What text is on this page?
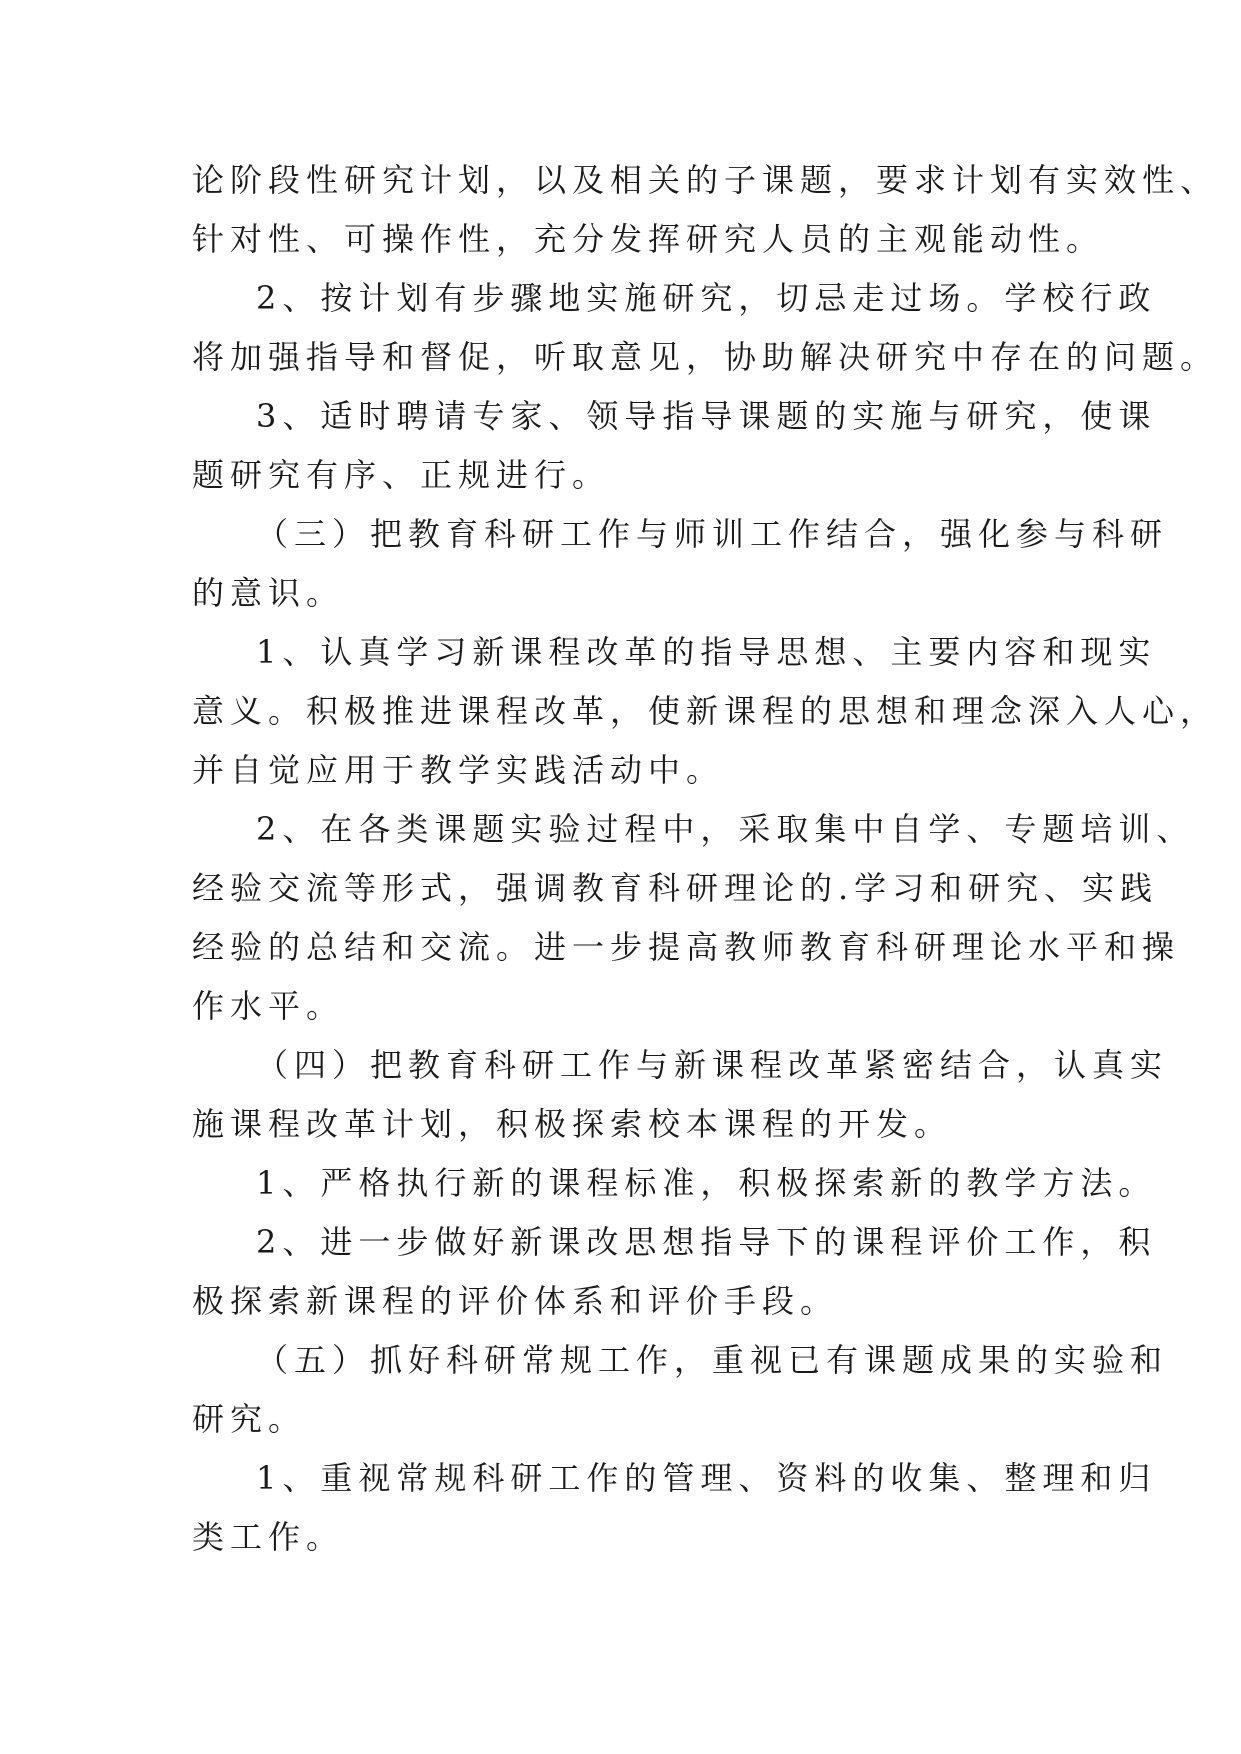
论阶段性研究计划，以及相关的子课题，要求计划有实效性、
针对性、可操作性，充分发挥研究人员的主观能动性。
2、按计划有步骤地实施研究，切忌走过场。学校行政
将加强指导和督促，听取意见，协助解决研究中存在的问题。
3、适时聘请专家、领导指导课题的实施与研究，使课
题研究有序、正规进行。
（三）把教育科研工作与师训工作结合，强化参与科研
的意识。
1、认真学习新课程改革的指导思想、主要内容和现实
意义。积极推进课程改革，使新课程的思想和理念深入人心，
并自觉应用于教学实践活动中。
2、在各类课题实验过程中，采取集中自学、专题培训、
经验交流等形式，强调教育科研理论的.学习和研究、实践
经验的总结和交流。进一步提高教师教育科研理论水平和操
作水平。
（四）把教育科研工作与新课程改革紧密结合，认真实
施课程改革计划，积极探索校本课程的开发。
1、严格执行新的课程标准，积极探索新的教学方法。
2、进一步做好新课改思想指导下的课程评价工作，积
极探索新课程的评价体系和评价手段。
（五）抓好科研常规工作，重视已有课题成果的实验和
研究。
1、重视常规科研工作的管理、资料的收集、整理和归
类工作。
